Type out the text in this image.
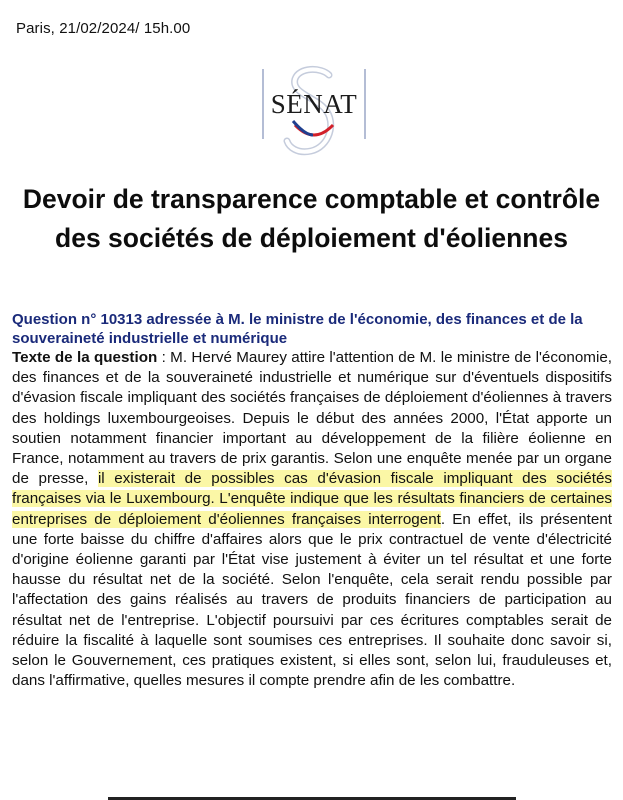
Paris, 21/02/2024/ 15h.00
SÉNAT
Devoir de transparence comptable et contrôle des sociétés de déploiement d'éoliennes
Question n° 10313 adressée à M. le ministre de l'économie, des finances et de la souveraineté industrielle et numérique
Texte de la question : M. Hervé Maurey attire l'attention de M. le ministre de l'économie, des finances et de la souveraineté industrielle et numérique sur d'éventuels dispositifs d'évasion fiscale impliquant des sociétés françaises de déploiement d'éoliennes à travers des holdings luxembourgeoises. Depuis le début des années 2000, l'État apporte un soutien notamment financier important au développement de la filière éolienne en France, notamment au travers de prix garantis. Selon une enquête menée par un organe de presse, il existerait de possibles cas d'évasion fiscale impliquant des sociétés françaises via le Luxembourg. L'enquête indique que les résultats financiers de certaines entreprises de déploiement d'éoliennes françaises interrogent. En effet, ils présentent une forte baisse du chiffre d'affaires alors que le prix contractuel de vente d'électricité d'origine éolienne garanti par l'État vise justement à éviter un tel résultat et une forte hausse du résultat net de la société. Selon l'enquête, cela serait rendu possible par l'affectation des gains réalisés au travers de produits financiers de participation au résultat net de l'entreprise. L'objectif poursuivi par ces écritures comptables serait de réduire la fiscalité à laquelle sont soumises ces entreprises. Il souhaite donc savoir si, selon le Gouvernement, ces pratiques existent, si elles sont, selon lui, frauduleuses et, dans l'affirmative, quelles mesures il compte prendre afin de les combattre.
